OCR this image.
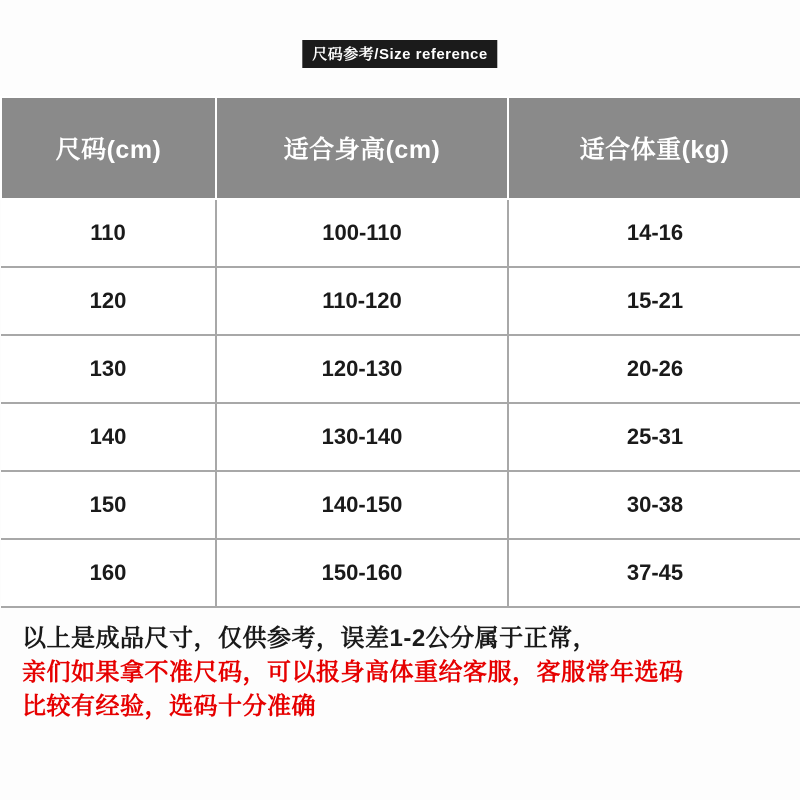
尺码参考/Size reference
尺码(cm)	适合身高(cm)	适合体重(kg)
110	100-110	14-16
120	110-120	15-21
130	120-130	20-26
140	130-140	25-31
150	140-150	30-38
160	150-160	37-45
以上是成品尺寸，仅供参考，误差1-2公分属于正常，
亲们如果拿不准尺码，可以报身高体重给客服，客服常年选码
比较有经验，选码十分准确
